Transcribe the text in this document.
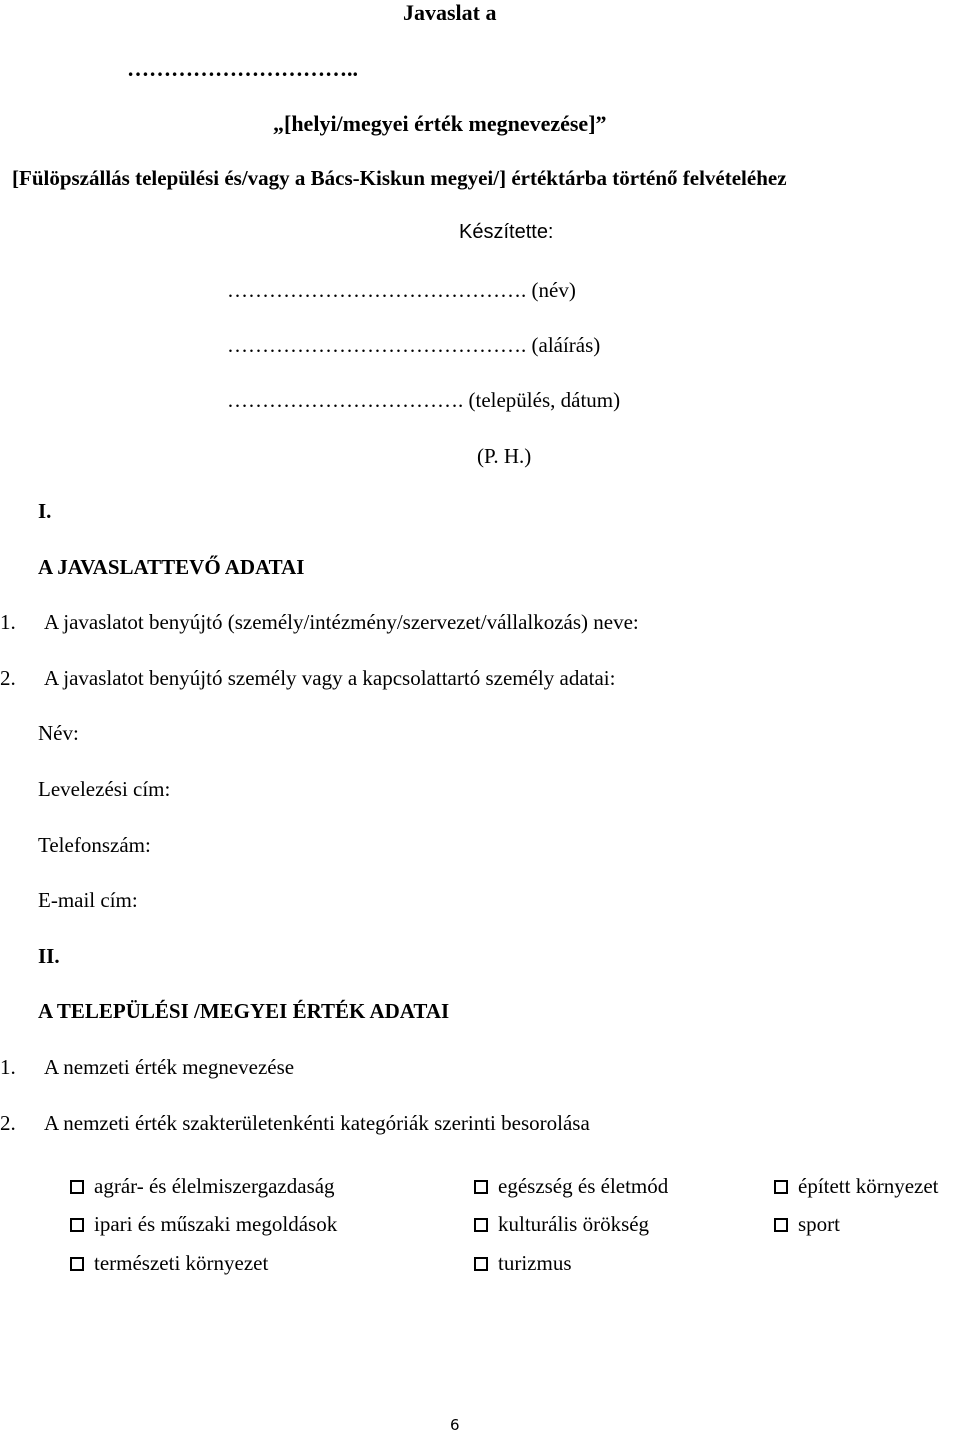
Javaslat a
…………………………..
„[helyi/megyei érték megnevezése]”
[Fülöpszállás települési és/vagy a Bács-Kiskun megyei/] értéktárba történő felvételéhez
Készítette:
……………………………………. (név)
……………………………………. (aláírás)
……………………………. (település, dátum)
(P. H.)
I.
A JAVASLATTEVŐ ADATAI
1. A javaslatot benyújtó (személy/intézmény/szervezet/vállalkozás) neve:
2. A javaslatot benyújtó személy vagy a kapcsolattartó személy adatai:
Név:
Levelezési cím:
Telefonszám:
E-mail cím:
II.
A TELEPÜLÉSI /MEGYEI ÉRTÉK ADATAI
1. A nemzeti érték megnevezése
2. A nemzeti érték szakterületenkénti kategóriák szerinti besorolása
agrár- és élelmiszergazdaság	egészség és életmód	épített környezet
ipari és műszaki megoldások	kulturális örökség	sport
természeti környezet	turizmus
6
